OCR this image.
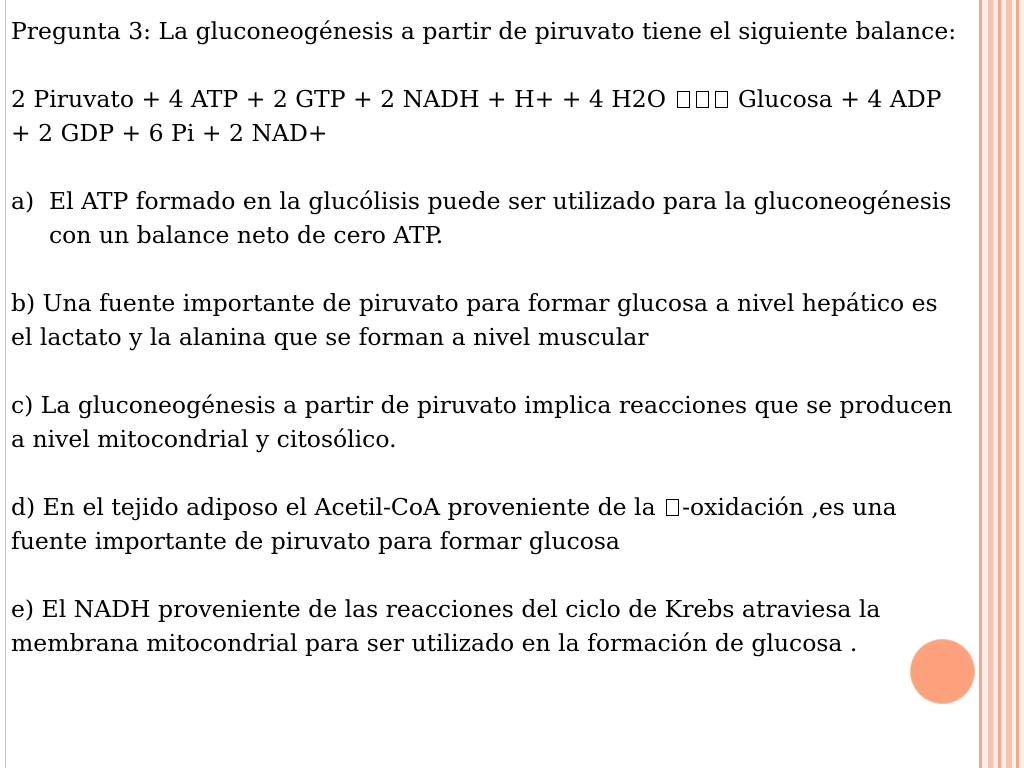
Pregunta 3: La gluconeogénesis a partir de piruvato tiene el siguiente balance:

2 Piruvato + 4 ATP + 2 GTP + 2 NADH + H+ + 4 H2O	Glucosa + 4 ADP + 2 GDP + 6 Pi + 2 NAD+

a) El ATP formado en la glucólisis puede ser utilizado para la gluconeogénesis con un balance neto de cero ATP.

b) Una fuente importante de piruvato para formar glucosa a nivel hepático es el lactato y la alanina que se forman a nivel muscular

c) La gluconeogénesis a partir de piruvato implica reacciones que se producen a nivel mitocondrial y citosólico.

d) En el tejido adiposo el Acetil-CoA proveniente de la -oxidación ,es una fuente importante de piruvato para formar glucosa

e) El NADH proveniente de las reacciones del ciclo de Krebs atraviesa la membrana mitocondrial para ser utilizado en la formación de glucosa .
